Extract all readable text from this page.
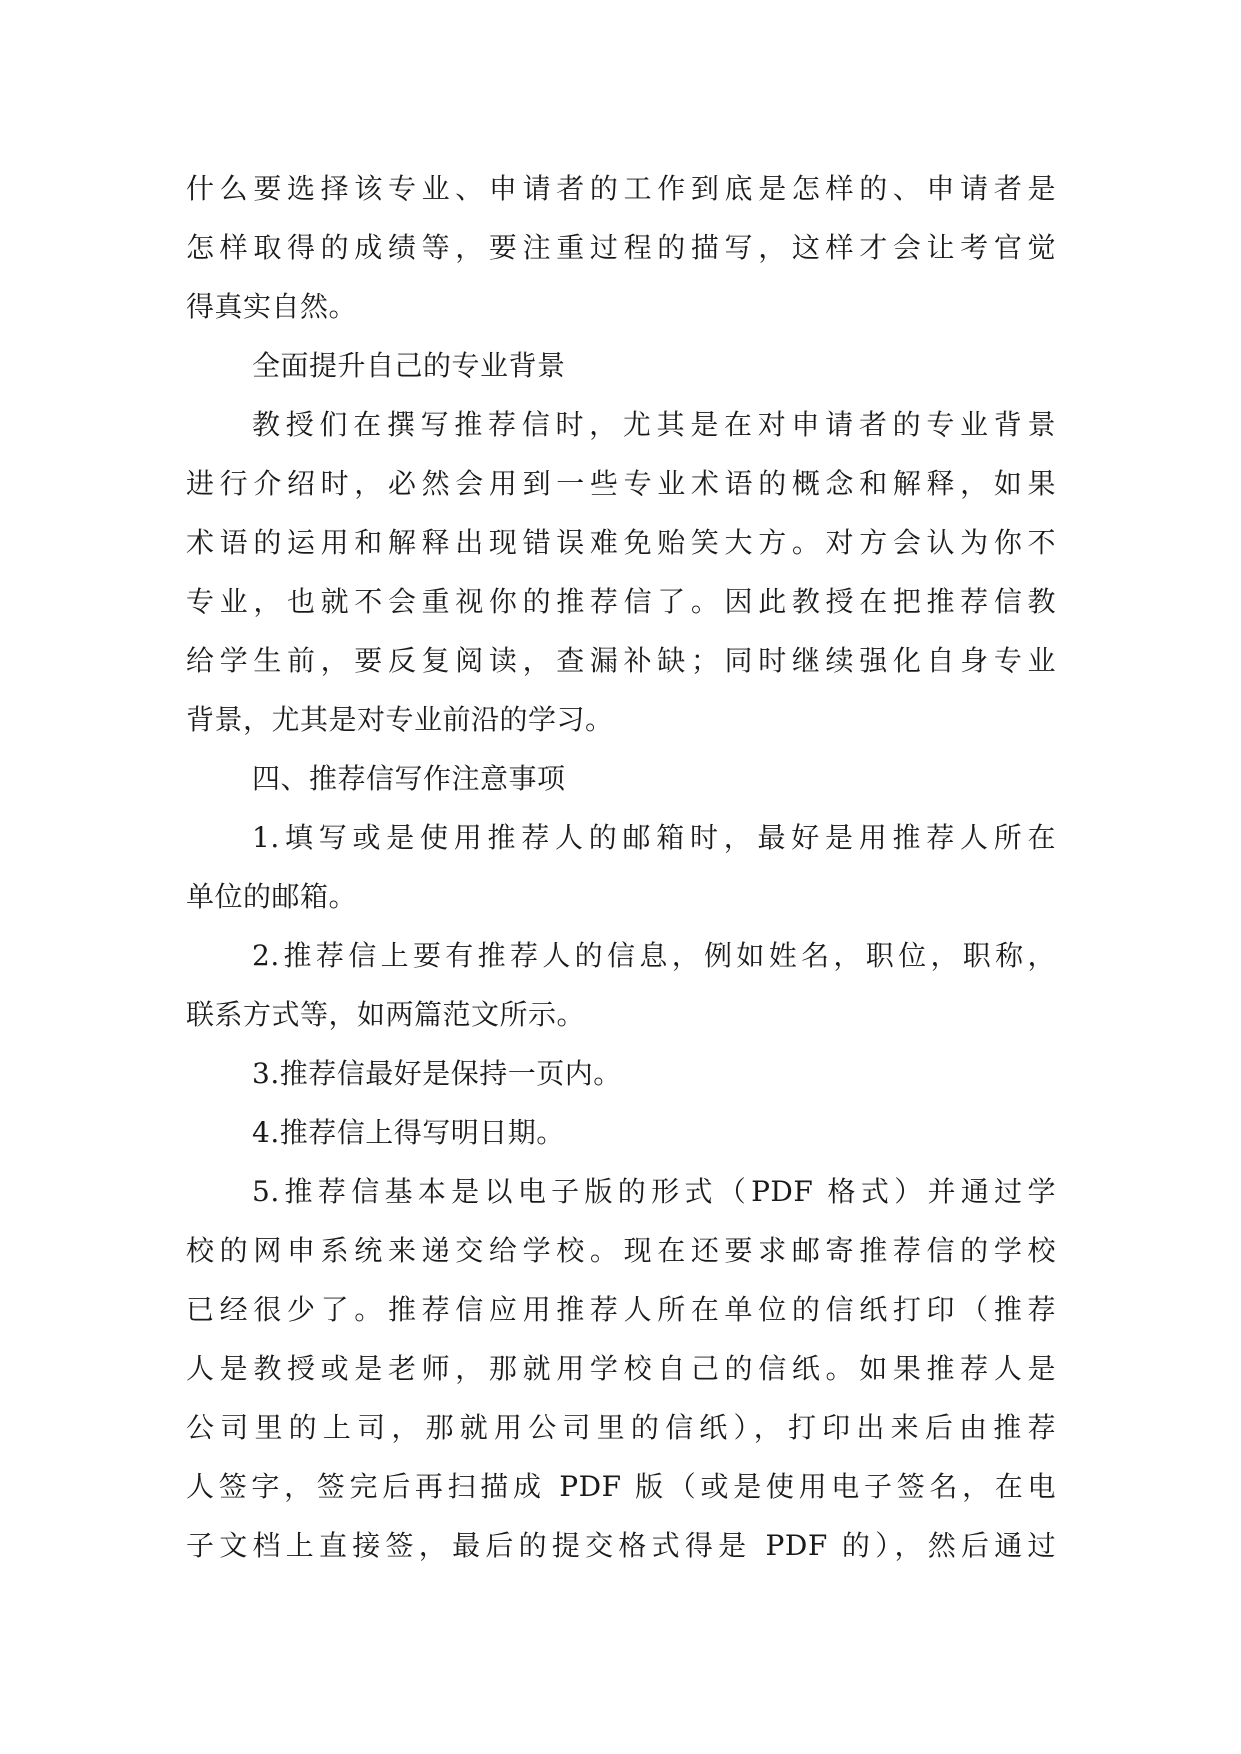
什么要选择该专业、申请者的工作到底是怎样的、申请者是
怎样取得的成绩等，要注重过程的描写，这样才会让考官觉
得真实自然。
全面提升自己的专业背景
教授们在撰写推荐信时，尤其是在对申请者的专业背景
进行介绍时，必然会用到一些专业术语的概念和解释，如果
术语的运用和解释出现错误难免贻笑大方。对方会认为你不
专业，也就不会重视你的推荐信了。因此教授在把推荐信教
给学生前，要反复阅读，查漏补缺；同时继续强化自身专业
背景，尤其是对专业前沿的学习。
四、推荐信写作注意事项
1.填写或是使用推荐人的邮箱时，最好是用推荐人所在
单位的邮箱。
2.推荐信上要有推荐人的信息，例如姓名，职位，职称，
联系方式等，如两篇范文所示。
3.推荐信最好是保持一页内。
4.推荐信上得写明日期。
5.推荐信基本是以电子版的形式（PDF 格式）并通过学
校的网申系统来递交给学校。现在还要求邮寄推荐信的学校
已经很少了。推荐信应用推荐人所在单位的信纸打印（推荐
人是教授或是老师，那就用学校自己的信纸。如果推荐人是
公司里的上司，那就用公司里的信纸），打印出来后由推荐
人签字，签完后再扫描成 PDF 版（或是使用电子签名，在电
子文档上直接签，最后的提交格式得是 PDF 的），然后通过
